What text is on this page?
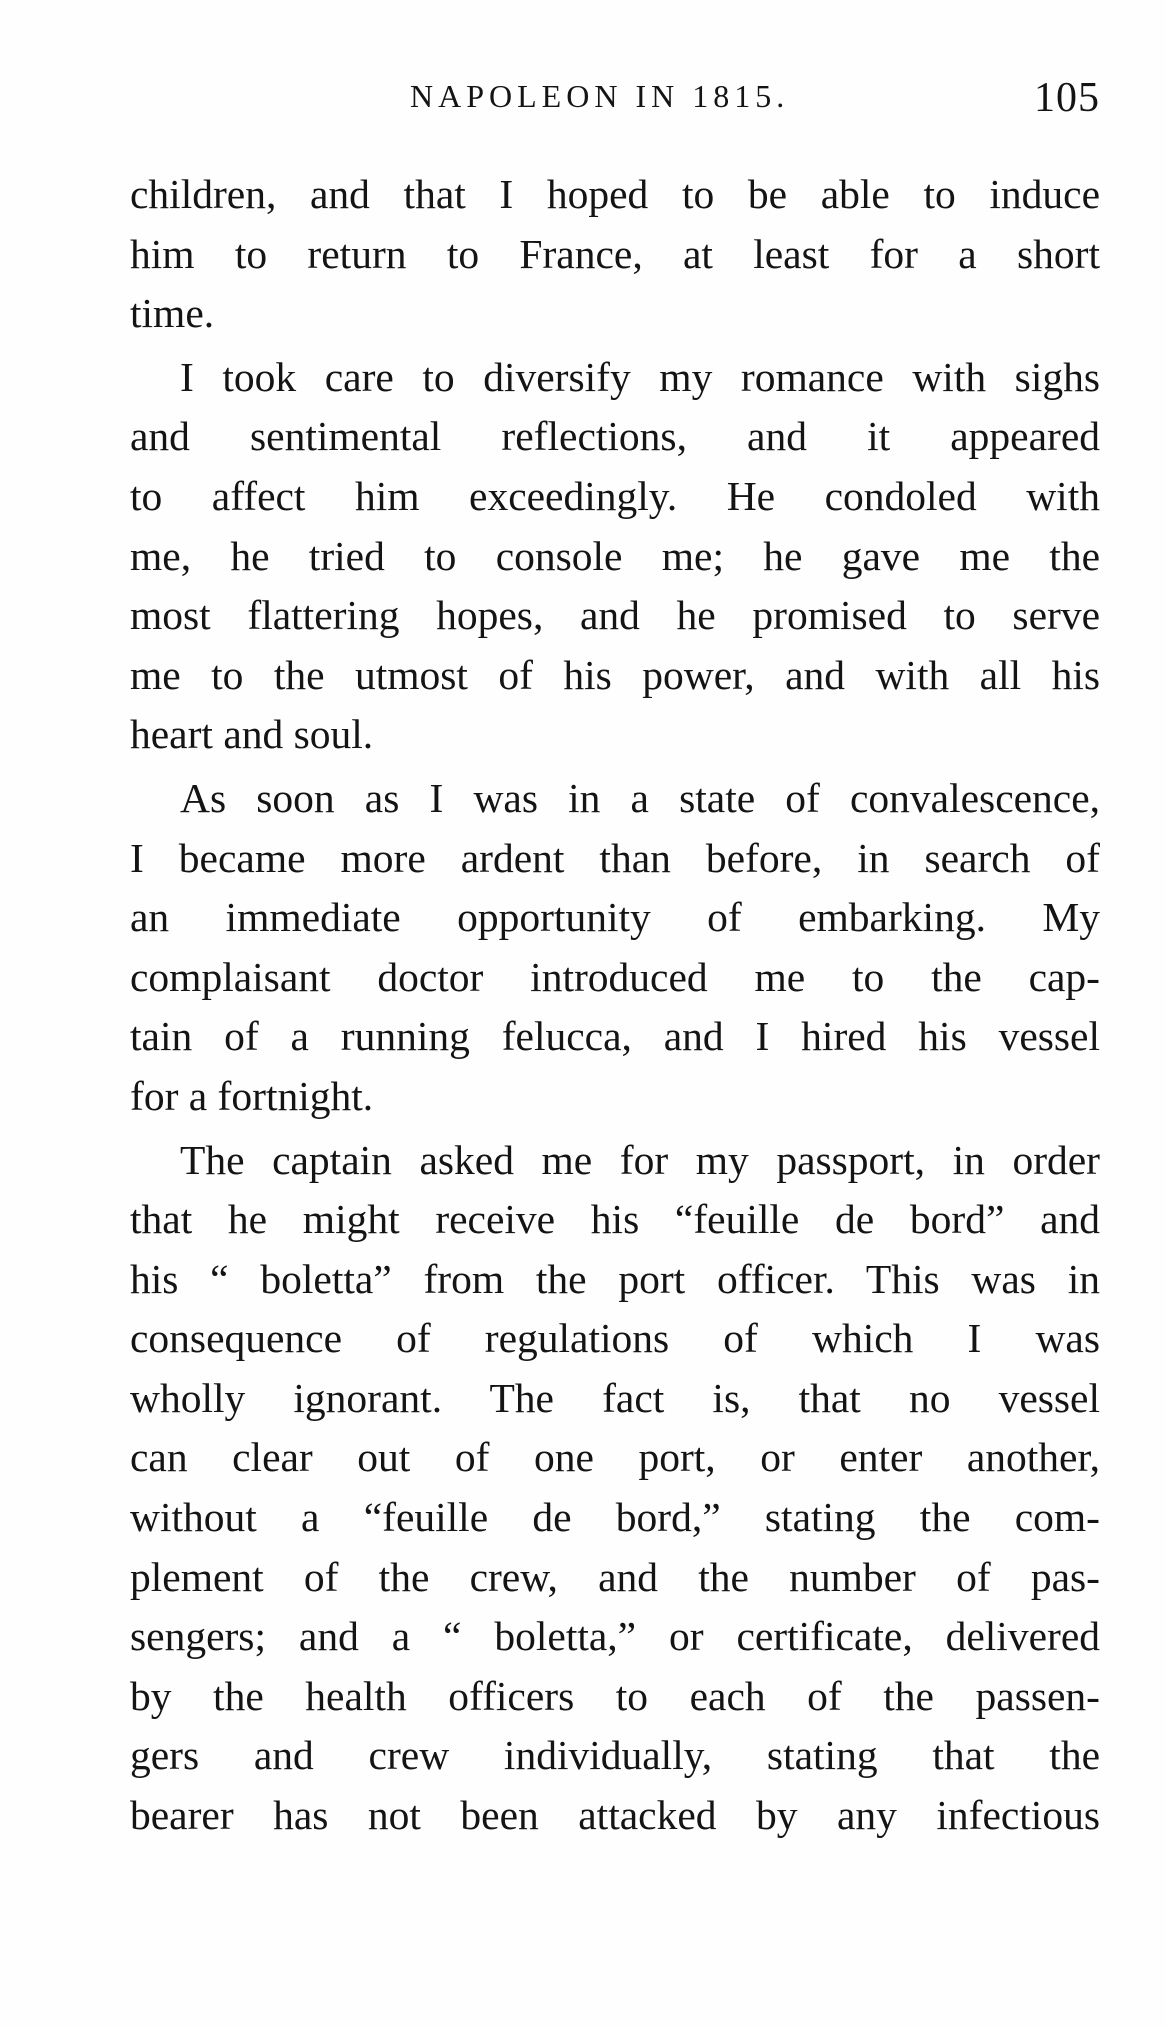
NAPOLEON IN 1815.	105
children, and that I hoped to be able to induce
him to return to France, at least for a short
time.
I took care to diversify my romance with sighs
and sentimental reflections, and it appeared
to affect him exceedingly. He condoled with
me, he tried to console me; he gave me the
most flattering hopes, and he promised to serve
me to the utmost of his power, and with all his
heart and soul.
As soon as I was in a state of convalescence,
I became more ardent than before, in search of
an immediate opportunity of embarking. My
complaisant doctor introduced me to the cap-
tain of a running felucca, and I hired his vessel
for a fortnight.
The captain asked me for my passport, in order
that he might receive his “feuille de bord” and
his “ boletta” from the port officer. This was in
consequence of regulations of which I was
wholly ignorant. The fact is, that no vessel
can clear out of one port, or enter another,
without a “feuille de bord,” stating the com-
plement of the crew, and the number of pas-
sengers; and a “ boletta,” or certificate, delivered
by the health officers to each of the passen-
gers and crew individually, stating that the
bearer has not been attacked by any infectious
